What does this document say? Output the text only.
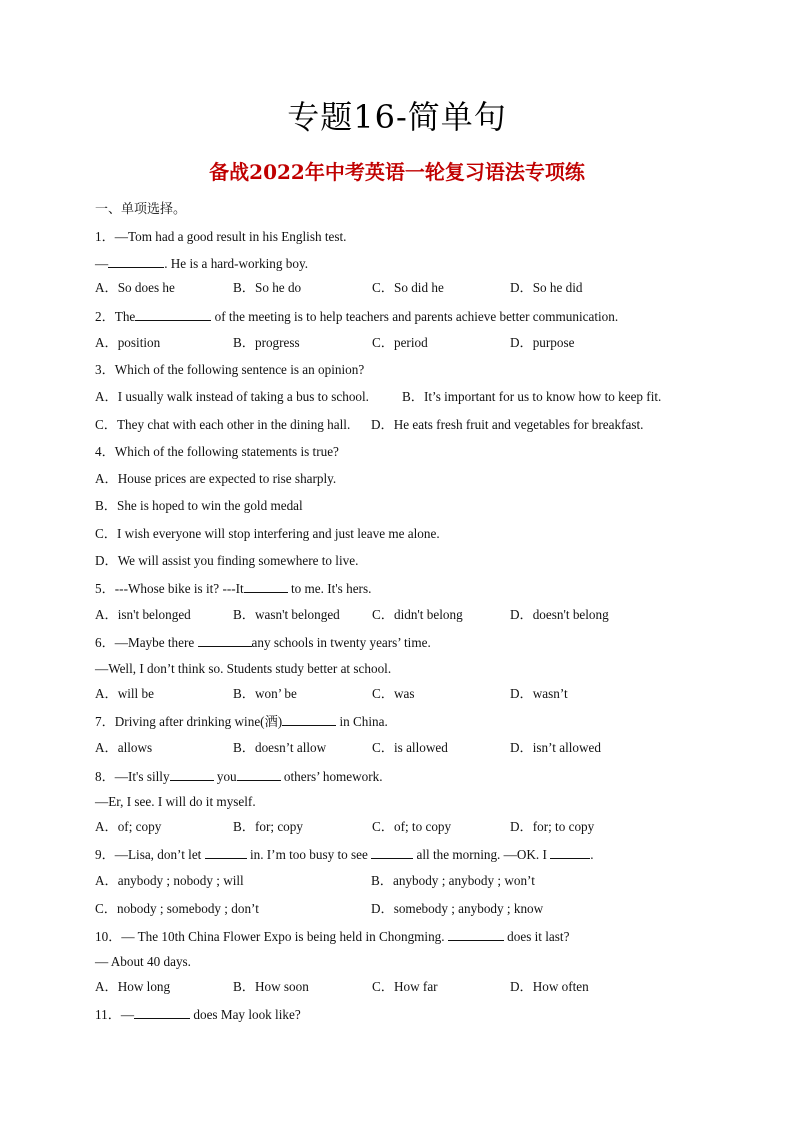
专题16-简单句
备战2022年中考英语一轮复习语法专项练
一、单项选择。
1．—Tom had a good result in his English test.
—	. He is a hard-working boy.
A．So does he	B．So he do	C．So did he	D．So he did
2．The	of the meeting is to help teachers and parents achieve better communication.
A．position	B．progress	C．period	D．purpose
3．Which of the following sentence is an opinion?
A．I usually walk instead of taking a bus to school.	B．It’s important for us to know how to keep fit.
C．They chat with each other in the dining hall. D．He eats fresh fruit and vegetables for breakfast.
4．Which of the following statements is true?
A．House prices are expected to rise sharply.
B．She is hoped to win the gold medal
C．I wish everyone will stop interfering and just leave me alone.
D．We will assist you finding somewhere to live.
5．---Whose bike is it? ---It	to me. It's hers.
A．isn't belonged	B．wasn't belonged C．didn't belong	D．doesn't belong
6．—Maybe there	any schools in twenty years’ time.
—Well, I don’t think so. Students study better at school.
A．will be	B．won’ be	C．was	D．wasn’t
7．Driving after drinking wine(酒)	in China.
A．allows	B．doesn’t allow	C．is allowed	D．isn’t allowed
8．—It's silly	you	others’ homework.
—Er, I see. I will do it myself.
A．of; copy	B．for; copy	C．of; to copy	D．for; to copy
9．—Lisa, don’t let	in. I’m too busy to see	all the morning. —OK. I	.
A．anybody ; nobody ; will	B．anybody ; anybody ; won’t
C．nobody ; somebody ; don’t	D．somebody ; anybody ; know
10．— The 10th China Flower Expo is being held in Chongming.	does it last?
— About 40 days.
A．How long	B．How soon	C．How far	D．How often
11．—	does May look like?
